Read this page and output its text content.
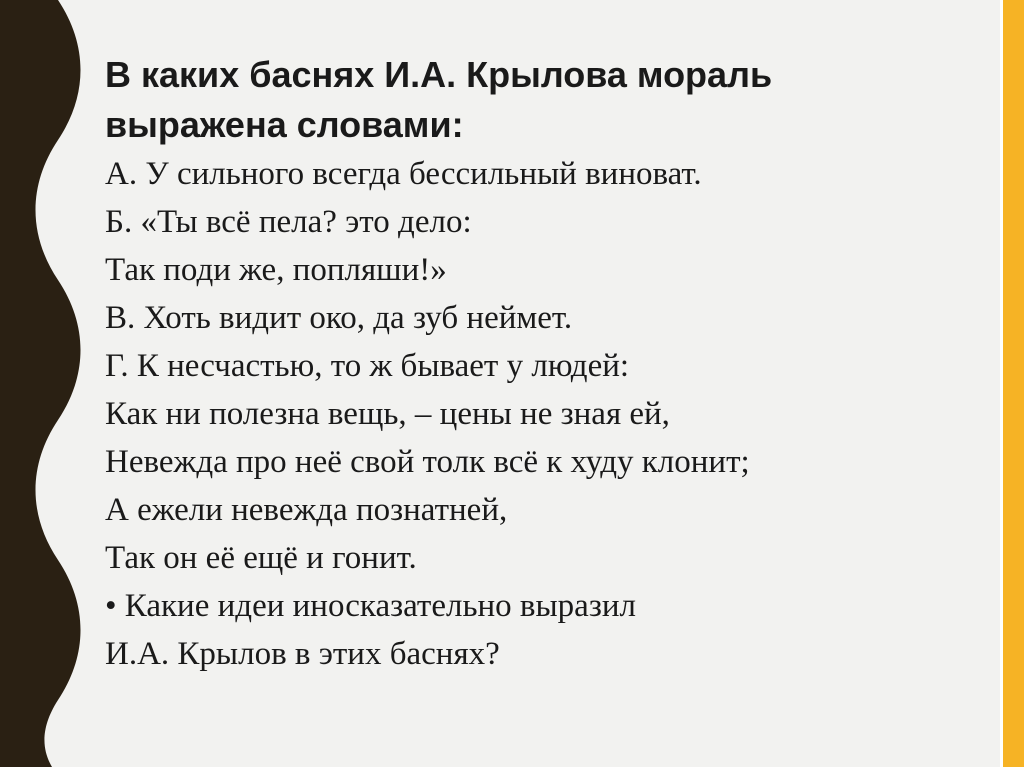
В каких баснях И.А. Крылова мораль

выражена словами:

А. У сильного всегда бессильный виноват.
Б. «Ты всё пела? это дело:
Так поди же, попляши!»
В. Хоть видит око, да зуб неймет.
Г. К несчастью, то ж бывает у людей:
Как ни полезна вещь, – цены не зная ей,
Невежда про неё свой толк всё к худу клонит;
А ежели невежда познатней,
Так он её ещё и гонит.
• Какие идеи иносказательно выразил
И.А. Крылов в этих баснях?
